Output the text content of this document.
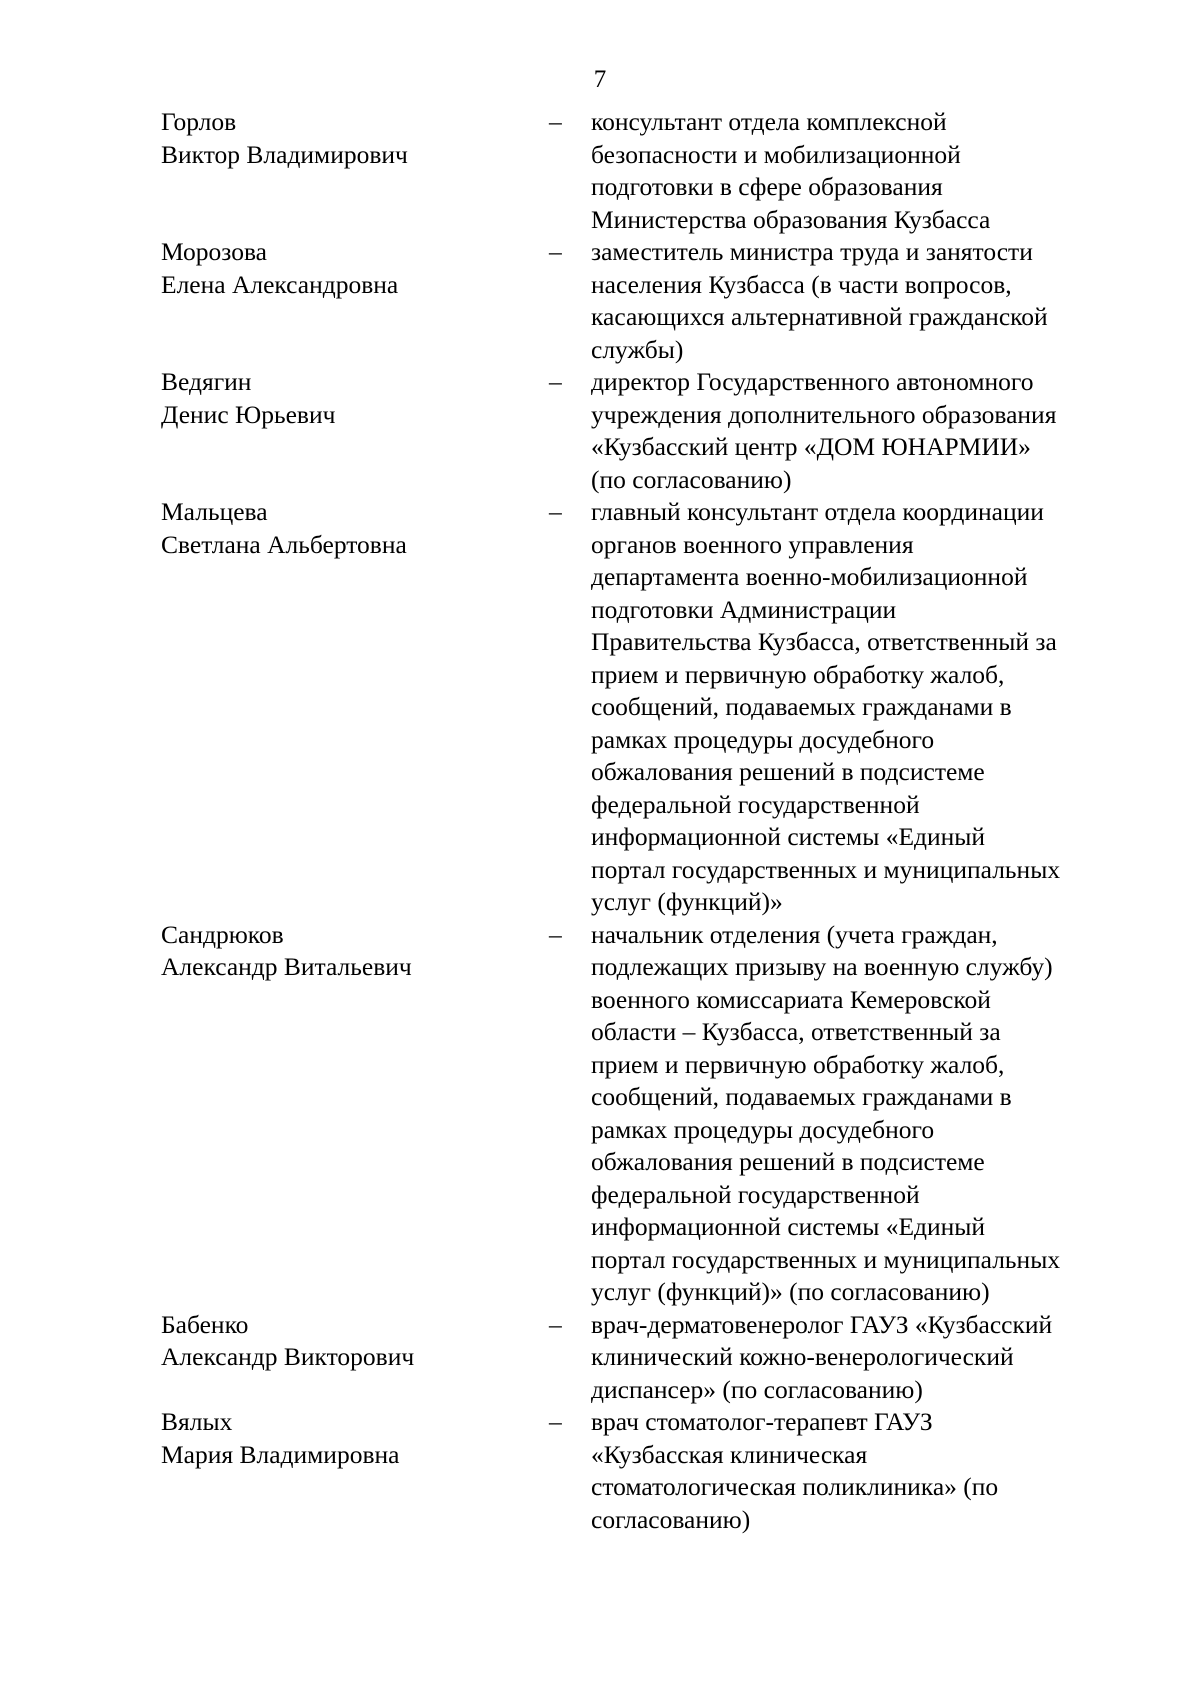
7
Горлов
Виктор Владимирович
–	консультант отдела комплексной
безопасности и мобилизационной
подготовки в сфере образования
Министерства образования Кузбасса
Морозова
Елена Александровна
–	заместитель министра труда и занятости
населения Кузбасса (в части вопросов,
касающихся альтернативной гражданской
службы)
Ведягин
Денис Юрьевич
–	директор Государственного автономного
учреждения дополнительного образования
«Кузбасский центр «ДОМ ЮНАРМИИ»
(по согласованию)
Мальцева
Светлана Альбертовна
–	главный консультант отдела координации
органов военного управления
департамента военно-мобилизационной
подготовки Администрации
Правительства Кузбасса, ответственный за
прием и первичную обработку жалоб,
сообщений, подаваемых гражданами в
рамках процедуры досудебного
обжалования решений в подсистеме
федеральной государственной
информационной системы «Единый
портал государственных и муниципальных
услуг (функций)»
Сандрюков
Александр Витальевич
–	начальник отделения (учета граждан,
подлежащих призыву на военную службу)
военного комиссариата Кемеровской
области – Кузбасса, ответственный за
прием и первичную обработку жалоб,
сообщений, подаваемых гражданами в
рамках процедуры досудебного
обжалования решений в подсистеме
федеральной государственной
информационной системы «Единый
портал государственных и муниципальных
услуг (функций)» (по согласованию)
Бабенко
Александр Викторович
–	врач-дерматовенеролог ГАУЗ «Кузбасский
клинический кожно-венерологический
диспансер» (по согласованию)
Вялых
Мария Владимировна
–	врач стоматолог-терапевт ГАУЗ
«Кузбасская клиническая
стоматологическая поликлиника» (по
согласованию)
